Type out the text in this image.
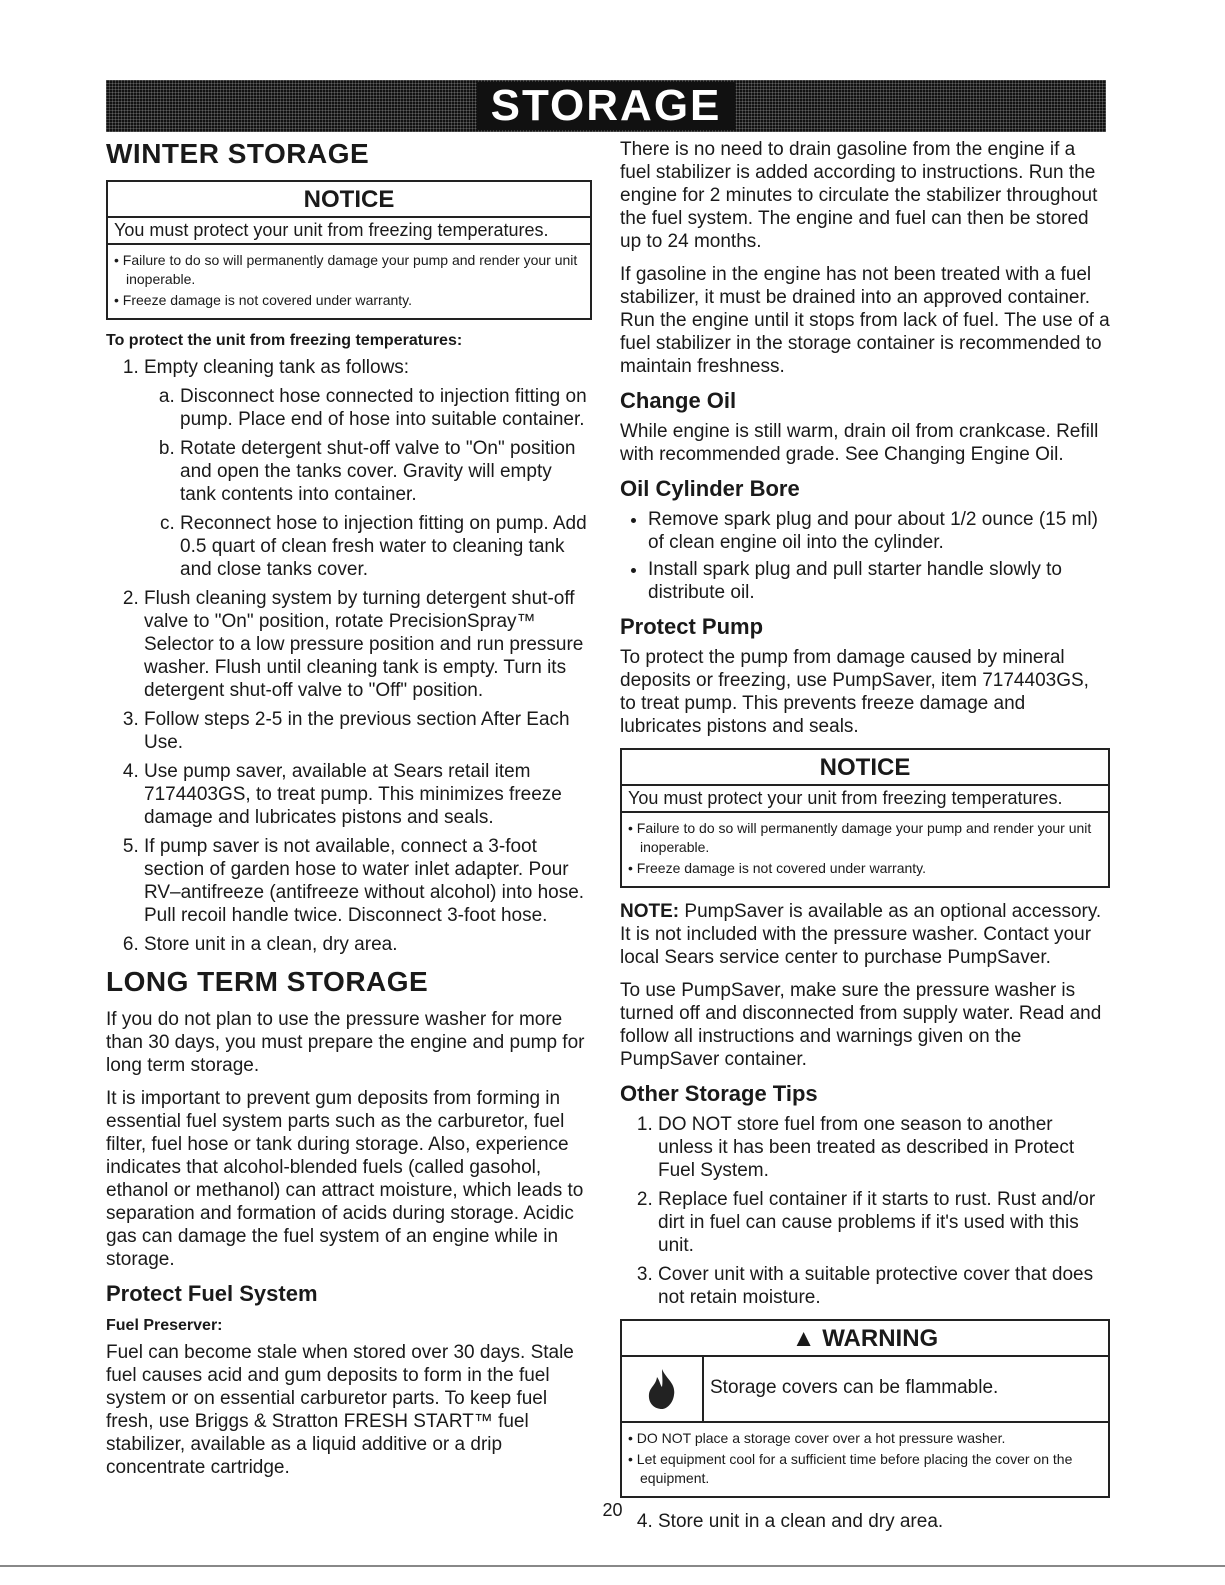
STORAGE
WINTER STORAGE
NOTICE
You must protect your unit from freezing temperatures.
• Failure to do so will permanently damage your pump and render your unit inoperable.
• Freeze damage is not covered under warranty.
To protect the unit from freezing temperatures:
1. Empty cleaning tank as follows:
a. Disconnect hose connected to injection fitting on pump. Place end of hose into suitable container.
b. Rotate detergent shut-off valve to "On" position and open the tanks cover. Gravity will empty tank contents into container.
c. Reconnect hose to injection fitting on pump. Add 0.5 quart of clean fresh water to cleaning tank and close tanks cover.
2. Flush cleaning system by turning detergent shut-off valve to "On" position, rotate PrecisionSpray™ Selector to a low pressure position and run pressure washer. Flush until cleaning tank is empty. Turn its detergent shut-off valve to "Off" position.
3. Follow steps 2-5 in the previous section After Each Use.
4. Use pump saver, available at Sears retail item 7174403GS, to treat pump. This minimizes freeze damage and lubricates pistons and seals.
5. If pump saver is not available, connect a 3-foot section of garden hose to water inlet adapter. Pour RV–antifreeze (antifreeze without alcohol) into hose. Pull recoil handle twice. Disconnect 3-foot hose.
6. Store unit in a clean, dry area.
LONG TERM STORAGE

If you do not plan to use the pressure washer for more than 30 days, you must prepare the engine and pump for long term storage.

It is important to prevent gum deposits from forming in essential fuel system parts such as the carburetor, fuel filter, fuel hose or tank during storage. Also, experience indicates that alcohol-blended fuels (called gasohol, ethanol or methanol) can attract moisture, which leads to separation and formation of acids during storage. Acidic gas can damage the fuel system of an engine while in storage.

Protect Fuel System
Fuel Preserver:

Fuel can become stale when stored over 30 days. Stale fuel causes acid and gum deposits to form in the fuel system or on essential carburetor parts. To keep fuel fresh, use Briggs & Stratton FRESH START™ fuel stabilizer, available as a liquid additive or a drip concentrate cartridge.

There is no need to drain gasoline from the engine if a fuel stabilizer is added according to instructions. Run the engine for 2 minutes to circulate the stabilizer throughout the fuel system. The engine and fuel can then be stored up to 24 months.

If gasoline in the engine has not been treated with a fuel stabilizer, it must be drained into an approved container. Run the engine until it stops from lack of fuel. The use of a fuel stabilizer in the storage container is recommended to maintain freshness.

Change Oil

While engine is still warm, drain oil from crankcase. Refill with recommended grade. See Changing Engine Oil.

Oil Cylinder Bore
• Remove spark plug and pour about 1/2 ounce (15 ml) of clean engine oil into the cylinder.
• Install spark plug and pull starter handle slowly to distribute oil.
Protect Pump

To protect the pump from damage caused by mineral deposits or freezing, use PumpSaver, item 7174403GS, to treat pump. This prevents freeze damage and lubricates pistons and seals.

NOTICE
You must protect your unit from freezing temperatures.
• Failure to do so will permanently damage your pump and render your unit inoperable.
• Freeze damage is not covered under warranty.

NOTE: PumpSaver is available as an optional accessory. It is not included with the pressure washer. Contact your local Sears service center to purchase PumpSaver.

To use PumpSaver, make sure the pressure washer is turned off and disconnected from supply water. Read and follow all instructions and warnings given on the PumpSaver container.

Other Storage Tips
1. DO NOT store fuel from one season to another unless it has been treated as described in Protect Fuel System.
2. Replace fuel container if it starts to rust. Rust and/or dirt in fuel can cause problems if it's used with this unit.
3. Cover unit with a suitable protective cover that does not retain moisture.
▲ WARNING
Storage covers can be flammable.
• DO NOT place a storage cover over a hot pressure washer.
• Let equipment cool for a sufficient time before placing the cover on the equipment.
4. Store unit in a clean and dry area.
20
